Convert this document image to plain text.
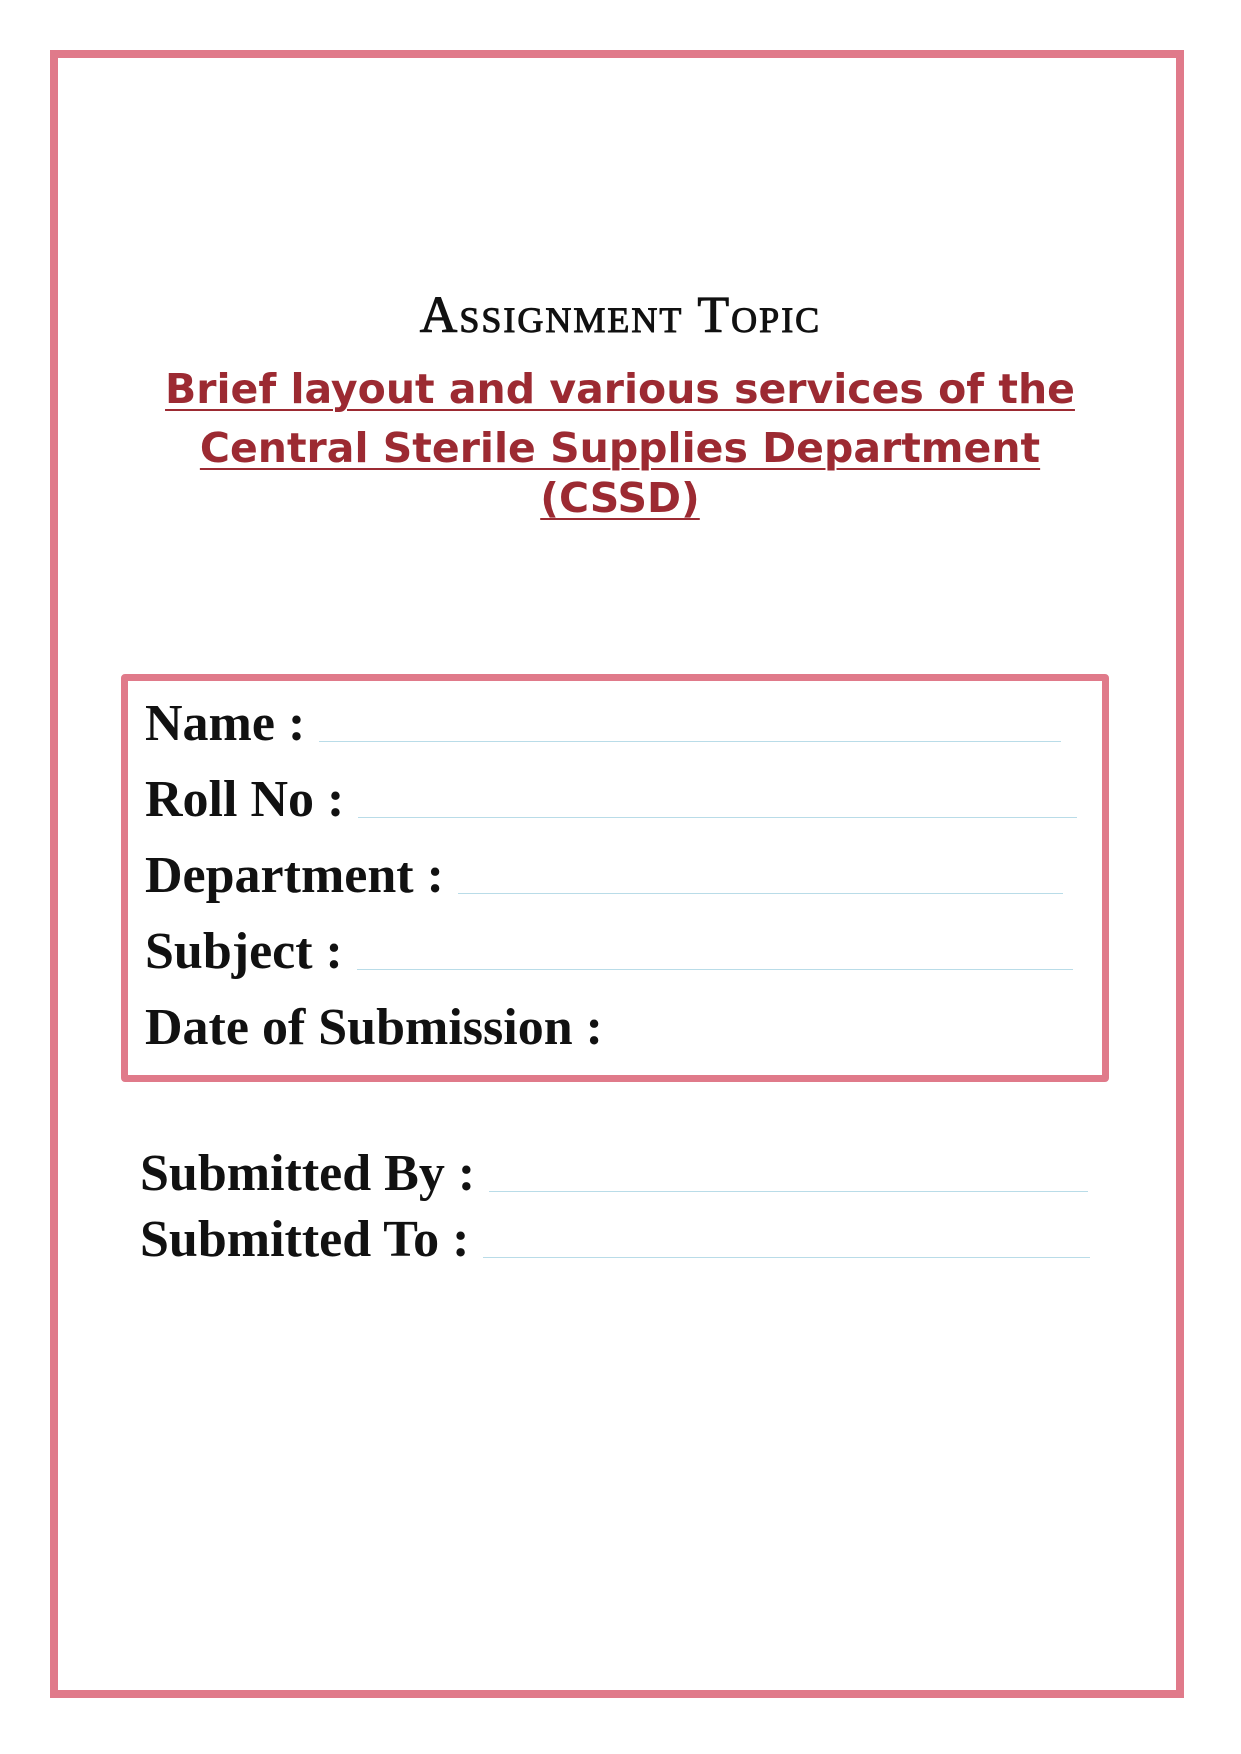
Assignment Topic
Brief layout and various services of the
Central Sterile Supplies Department (CSSD)
Name :
Roll No :
Department :
Subject :
Date of Submission :
Submitted By :
Submitted To :
